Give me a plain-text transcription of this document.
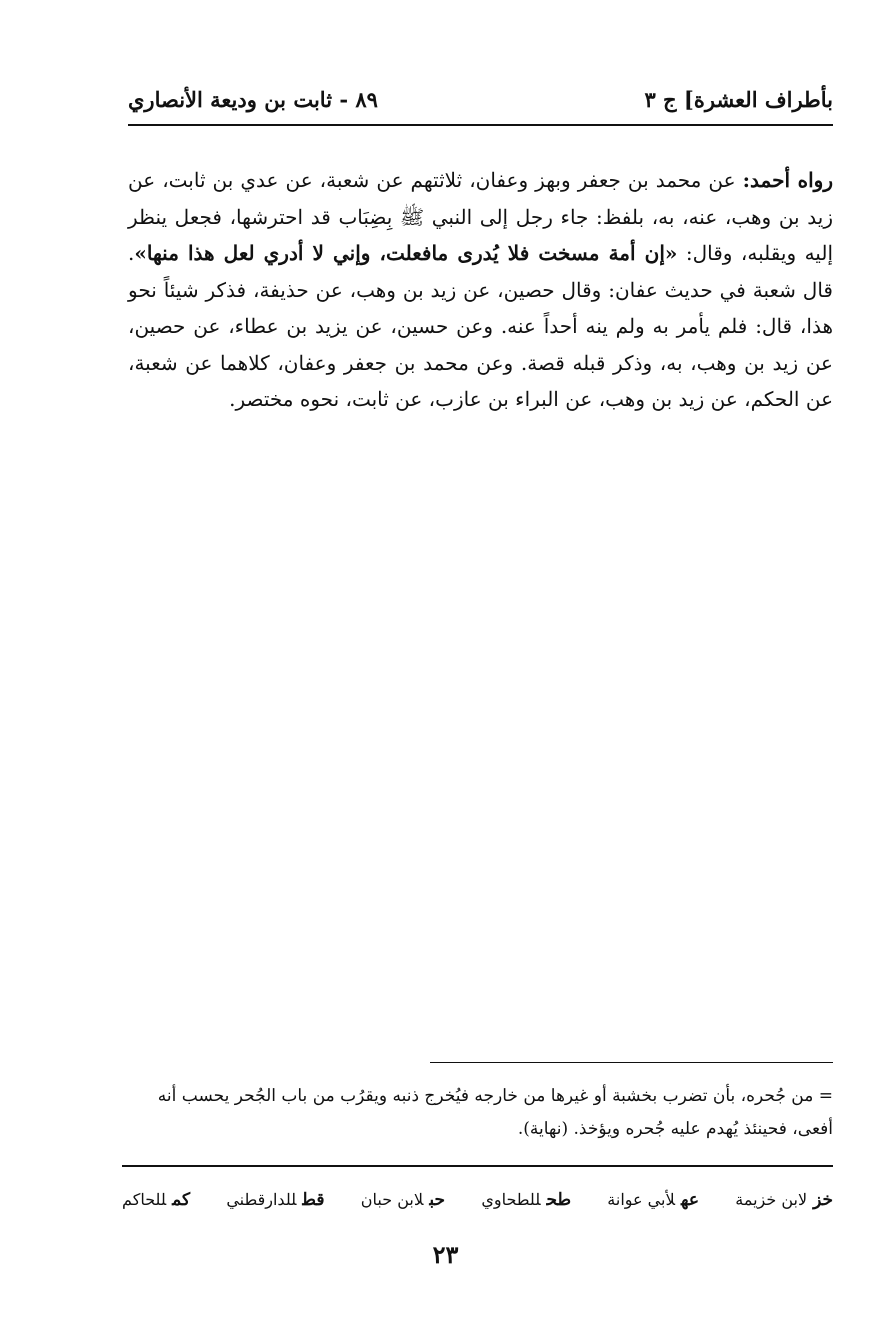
بأطراف العشرة] ج ٣
٨٩ - ثابت بن وديعة الأنصاري
رواه أحمد: عن محمد بن جعفر وبهز وعفان، ثلاثتهم عن شعبة، عن عدي بن ثابت، عن زيد بن وهب، عنه، به، بلفظ: جاء رجل إلى النبي ﷺ بِضِبَاب قد احترشها، فجعل ينظر إليه ويقلبه، وقال: «إن أمة مسخت فلا يُدرى مافعلت، وإني لا أدري لعل هذا منها». قال شعبة في حديث عفان: وقال حصين، عن زيد بن وهب، عن حذيفة، فذكر شيئاً نحو هذا، قال: فلم يأمر به ولم ينه أحداً عنه. وعن حسين، عن يزيد بن عطاء، عن حصين، عن زيد بن وهب، به، وذكر قبله قصة. وعن محمد بن جعفر وعفان، كلاهما عن شعبة، عن الحكم، عن زيد بن وهب، عن البراء بن عازب، عن ثابت، نحوه مختصر.
= من جُحره، بأن تضرب بخشبة أو غيرها من خارجه فيُخرج ذنبه ويقرُب من باب الجُحر يحسب أنه أفعى، فحينئذ يُهدم عليه جُحره ويؤخذ. (نهاية).
خزلابن خزيمة
عهلأبي عوانة
طحللطحاوي
حبلابن حبان
قطللدارقطني
كمللحاكم
٢٣
